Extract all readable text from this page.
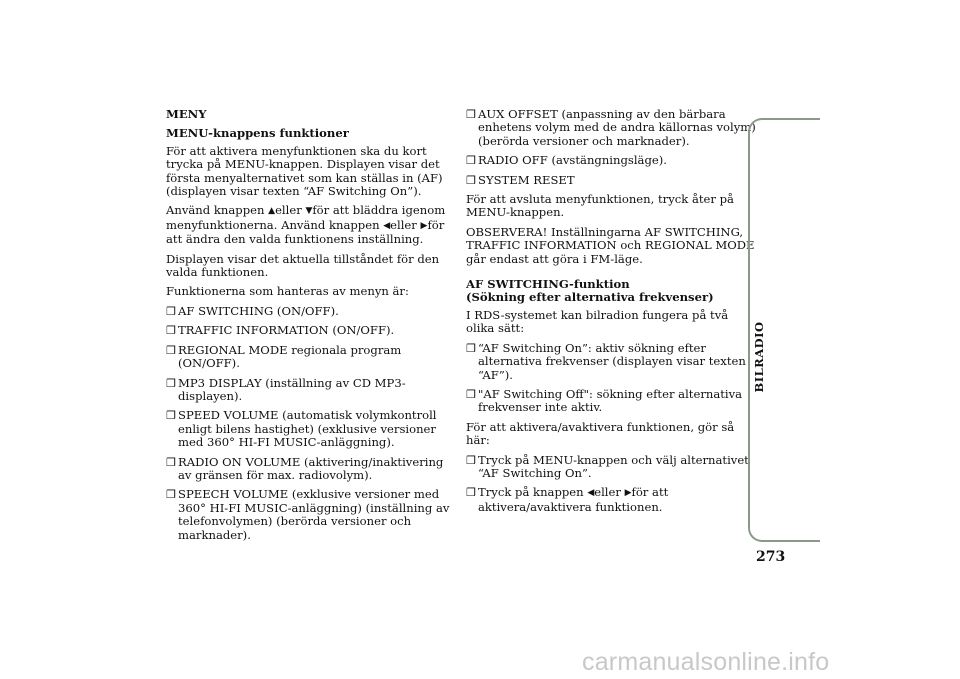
MENY
MENU-knappens funktioner

För att aktivera menyfunktionen ska du kort trycka på MENU-knappen. Displayen visar det första menyalternativet som kan ställas in (AF) (displayen visar texten “AF Switching On”).

Använd knappen ▲eller ▼för att bläddra igenom menyfunktionerna. Använd knappen ◀eller ▶för att ändra den valda funktionens inställning.

Displayen visar det aktuella tillståndet för den valda funktionen.

Funktionerna som hanteras av menyn är:

❒ AF SWITCHING (ON/OFF).
❒ TRAFFIC INFORMATION (ON/OFF).
❒ REGIONAL MODE regionala program (ON/OFF).
❒ MP3 DISPLAY (inställning av CD MP3-displayen).
❒ SPEED VOLUME (automatisk volymkontroll enligt bilens hastighet) (exklusive versioner med 360° HI-FI MUSIC-anläggning).
❒ RADIO ON VOLUME (aktivering/inaktivering av gränsen för max. radiovolym).
❒ SPEECH VOLUME (exklusive versioner med 360° HI-FI MUSIC-anläggning) (inställning av telefonvolymen) (berörda versioner och marknader).
❒ AUX OFFSET (anpassning av den bärbara enhetens volym med de andra källornas volym) (berörda versioner och marknader).
❒ RADIO OFF (avstängningsläge).
❒ SYSTEM RESET

För att avsluta menyfunktionen, tryck åter på MENU-knappen.

OBSERVERA! Inställningarna AF SWITCHING, TRAFFIC INFORMATION och REGIONAL MODE går endast att göra i FM-läge.

AF SWITCHING-funktion
(Sökning efter alternativa frekvenser)

I RDS-systemet kan bilradion fungera på två olika sätt:

❒ “AF Switching On”: aktiv sökning efter alternativa frekvenser (displayen visar texten “AF”).
❒ "AF Switching Off": sökning efter alternativa frekvenser inte aktiv.

För att aktivera/avaktivera funktionen, gör så här:

❒ Tryck på MENU-knappen och välj alternativet “AF Switching On”.
❒ Tryck på knappen ◀eller ▶för att aktivera/avaktivera funktionen.
BILRADIO
273
carmanualsonline.info
